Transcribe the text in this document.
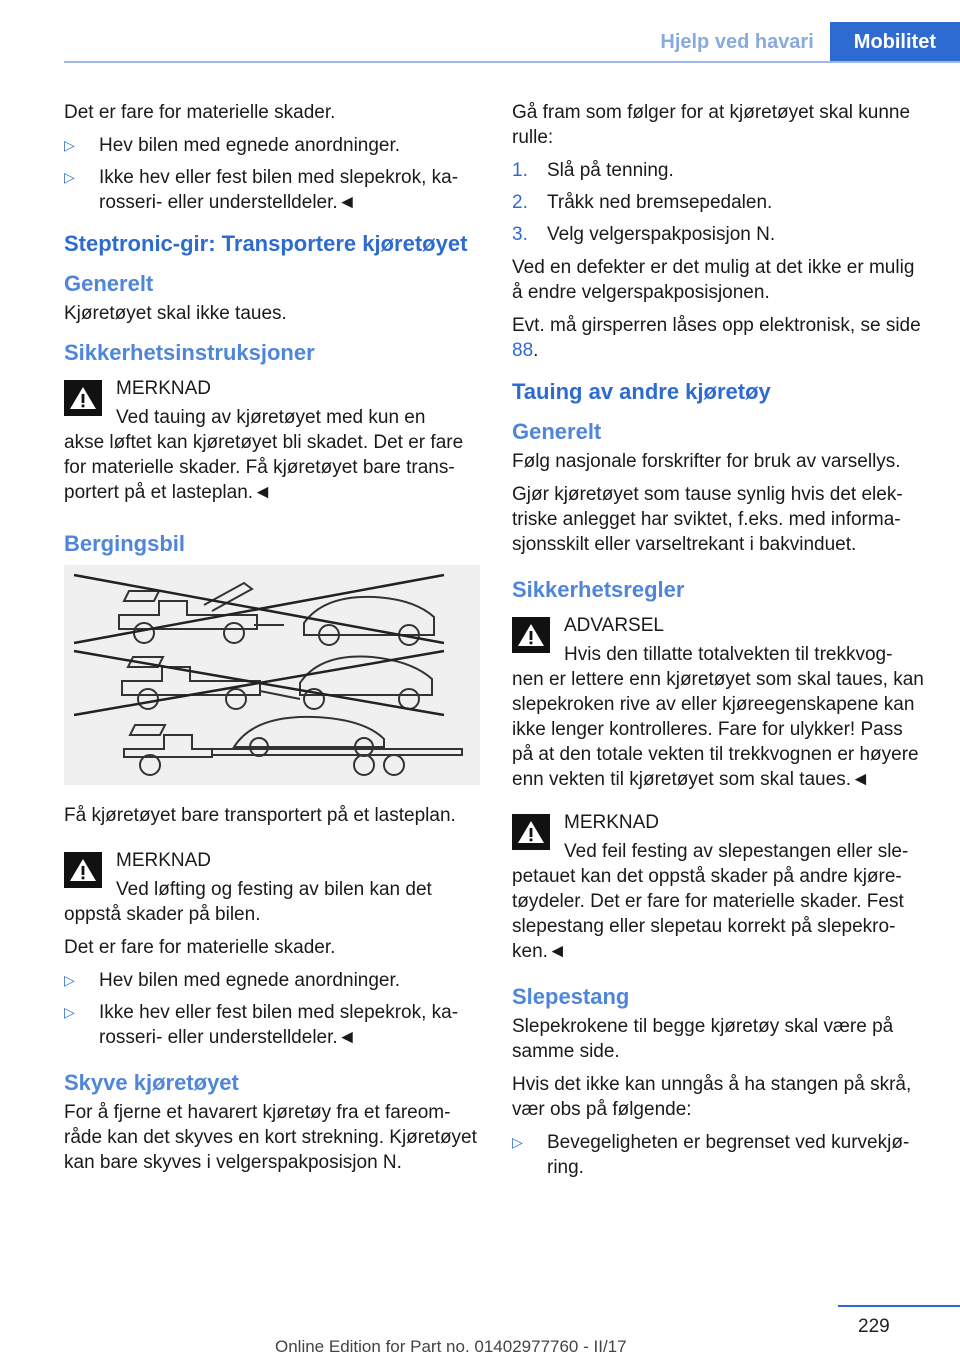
Hjelp ved havari	Mobilitet

Det er fare for materielle skader.

▷ Hev bilen med egnede anordninger.
▷ Ikke hev eller fest bilen med slepekrok, karosseri- eller understelldeler.◄
Steptronic-gir: Transportere kjøretøyet
Generelt

Kjøretøyet skal ikke taues.

Sikkerhetsinstruksjoner
MERKNAD
Ved tauing av kjøretøyet med kun en
akse løftet kan kjøretøyet bli skadet. Det er fare for materielle skader. Få kjøretøyet bare transportert på et lasteplan.◄
Bergingsbil

Få kjøretøyet bare transportert på et lasteplan.

MERKNAD
Ved løfting og festing av bilen kan det
oppstå skader på bilen.

Det er fare for materielle skader.

▷ Hev bilen med egnede anordninger.
▷ Ikke hev eller fest bilen med slepekrok, karosseri- eller understelldeler.◄
Skyve kjøretøyet

For å fjerne et havarert kjøretøy fra et fareområde kan det skyves en kort strekning. Kjøretøyet kan bare skyves i velgerspakposisjon N.

Gå fram som følger for at kjøretøyet skal kunne rulle:

1. Slå på tenning.
2. Tråkk ned bremsepedalen.
3. Velg velgerspakposisjon N.

Ved en defekter er det mulig at det ikke er mulig å endre velgerspakposisjonen.

Evt. må girsperren låses opp elektronisk, se side 88.

Tauing av andre kjøretøy
Generelt

Følg nasjonale forskrifter for bruk av varsellys.

Gjør kjøretøyet som tause synlig hvis det elektriske anlegget har sviktet, f.eks. med informasjonsskilt eller varseltrekant i bakvinduet.

Sikkerhetsregler
ADVARSEL
Hvis den tillatte totalvekten til trekkvog-
nen er lettere enn kjøretøyet som skal taues, kan slepekroken rive av eller kjøreegenskapene kan ikke lenger kontrolleres. Fare for ulykker! Pass på at den totale vekten til trekkvognen er høyere enn vekten til kjøretøyet som skal taues.◄
MERKNAD
Ved feil festing av slepestangen eller sle-
petauet kan det oppstå skader på andre kjøretøydeler. Det er fare for materielle skader. Fest slepestang eller slepetau korrekt på slepekroken.◄
Slepestang

Slepekrokene til begge kjøretøy skal være på samme side.

Hvis det ikke kan unngås å ha stangen på skrå, vær obs på følgende:

▷ Bevegeligheten er begrenset ved kurvekjøring.
229
Online Edition for Part no. 01402977760 - II/17
